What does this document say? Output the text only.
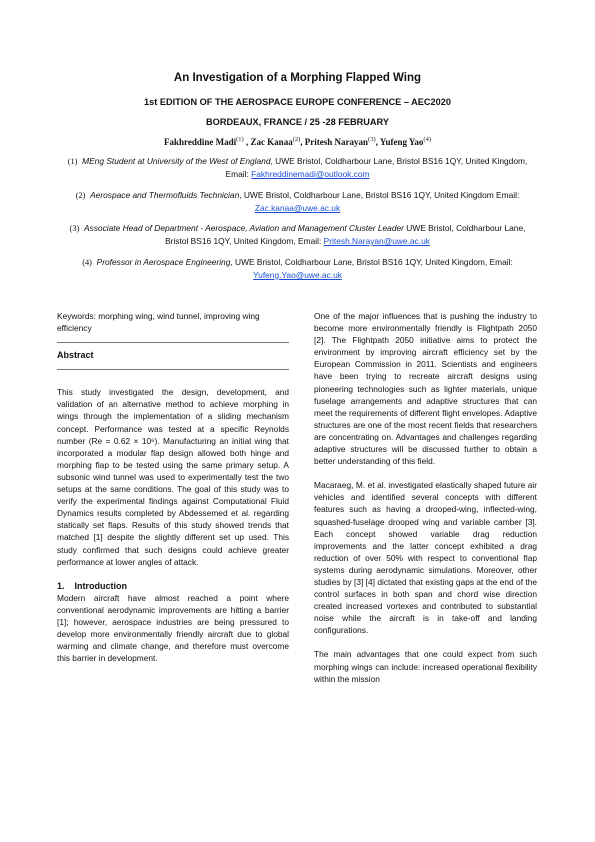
An Investigation of a Morphing Flapped Wing
1st EDITION OF THE AEROSPACE EUROPE CONFERENCE – AEC2020
BORDEAUX, FRANCE / 25 -28 FEBRUARY
Fakhreddine Madi$^{(1)}$ , Zac Kanaa$^{(2)}$, Pritesh Narayan$^{(3)}$, Yufeng Yao$^{(4)}$
(1) MEng Student at University of the West of England, UWE Bristol, Coldharbour Lane, Bristol BS16 1QY, United Kingdom, Email: Fakhreddinemadi@outlook.com
(2) Aerospace and Thermofluids Technician, UWE Bristol, Coldharbour Lane, Bristol BS16 1QY, United Kingdom Email: Zac.kanaa@uwe.ac.uk
(3) Associate Head of Department - Aerospace, Aviation and Management Cluster Leader UWE Bristol, Coldharbour Lane, Bristol BS16 1QY, United Kingdom, Email: Pritesh.Narayan@uwe.ac.uk
(4) Professor in Aerospace Engineering, UWE Bristol, Coldharbour Lane, Bristol BS16 1QY, United Kingdom, Email: Yufeng.Yao@uwe.ac.uk

Keywords: morphing wing, wind tunnel, improving wing efficiency

Abstract

This study investigated the design, development, and validation of an alternative method to achieve morphing in wings through the implementation of a sliding mechanism concept. Performance was tested at a specific Reynolds number (Re = 0.62 × 10⁶). Manufacturing an initial wing that incorporated a modular flap design allowed both hinge and morphing flap to be tested using the same primary setup. A subsonic wind tunnel was used to experimentally test the two setups at the same conditions. The goal of this study was to verify the experimental findings against Computational Fluid Dynamics results completed by Abdessemed et al. regarding statically set flaps. Results of this study showed trends that matched [1] despite the slightly different set up used. This study confirmed that such designs could achieve greater performance at lower angles of attack.

1.    Introduction
Modern aircraft have almost reached a point where conventional aerodynamic improvements are hitting a barrier [1]; however, aerospace industries are being pressured to develop more environmentally friendly aircraft due to global warming and climate change, and therefore must overcome this barrier in development.

One of the major influences that is pushing the industry to become more environmentally friendly is Flightpath 2050 [2]. The Flightpath 2050 initiative aims to protect the environment by improving aircraft efficiency set by the European Commission in 2011. Scientists and engineers have been trying to recreate aircraft designs using pioneering technologies such as lighter materials, unique fuselage arrangements and adaptive structures that can meet the requirements of different flight envelopes. Adaptive structures are one of the most recent fields that researchers are concentrating on. Advantages and challenges regarding adaptive structures will be discussed further to obtain a better understanding of this field.

Macaraeg, M. et al. investigated elastically shaped future air vehicles and identified several concepts with different features such as having a drooped-wing, inflected-wing, squashed-fuselage drooped wing and variable camber [3]. Each concept showed variable drag reduction improvements and the latter concept exhibited a drag reduction of over 50% with respect to conventional flap systems during aerodynamic simulations. Moreover, other studies by [3] [4] dictated that existing gaps at the end of the control surfaces in both span and chord wise direction created increased vortexes and contributed to substantial noise while the aircraft is in take-off and landing configurations.

The main advantages that one could expect from such morphing wings can include: increased operational flexibility within the mission
